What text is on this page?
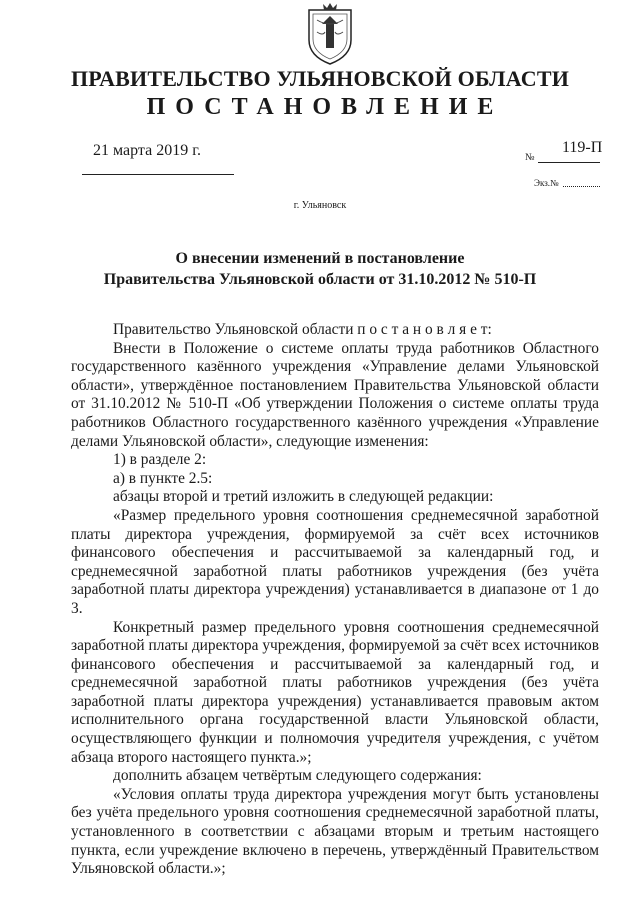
ПРАВИТЕЛЬСТВО УЛЬЯНОВСКОЙ ОБЛАСТИ
ПОСТАНОВЛЕНИЕ
21 марта 2019 г.	119-П
№
Экз.№
г. Ульяновск
О внесении изменений в постановление
Правительства Ульяновской области от 31.10.2012 № 510-П

Правительство Ульяновской области п о с т а н о в л я е т:

Внести в Положение о системе оплаты труда работников Областного государственного казённого учреждения «Управление делами Ульяновской области», утверждённое постановлением Правительства Ульяновской области от 31.10.2012 № 510-П «Об утверждении Положения о системе оплаты труда работников Областного государственного казённого учреждения «Управление делами Ульяновской области», следующие изменения:

1) в разделе 2:

а) в пункте 2.5:

абзацы второй и третий изложить в следующей редакции:

«Размер предельного уровня соотношения среднемесячной заработной платы директора учреждения, формируемой за счёт всех источников финансового обеспечения и рассчитываемой за календарный год, и среднемесячной заработной платы работников учреждения (без учёта заработной платы директора учреждения) устанавливается в диапазоне от 1 до 3.

Конкретный размер предельного уровня соотношения среднемесячной заработной платы директора учреждения, формируемой за счёт всех источников финансового обеспечения и рассчитываемой за календарный год, и среднемесячной заработной платы работников учреждения (без учёта заработной платы директора учреждения) устанавливается правовым актом исполнительного органа государственной власти Ульяновской области, осуществляющего функции и полномочия учредителя учреждения, с учётом абзаца второго настоящего пункта.»;

дополнить абзацем четвёртым следующего содержания:

«Условия оплаты труда директора учреждения могут быть установлены без учёта предельного уровня соотношения среднемесячной заработной платы, установленного в соответствии с абзацами вторым и третьим настоящего пункта, если учреждение включено в перечень, утверждённый Правительством Ульяновской области.»;
